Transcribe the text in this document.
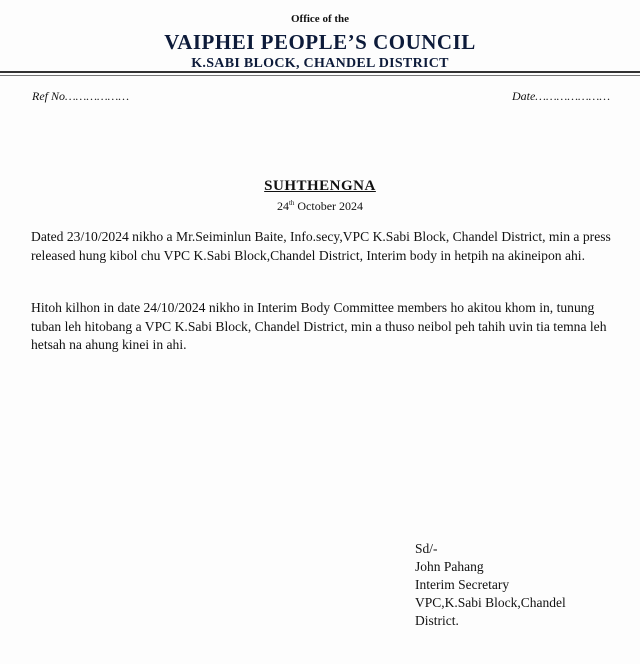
Office of the
VAIPHEI PEOPLE’S COUNCIL
K.SABI BLOCK, CHANDEL DISTRICT
Ref No………………	Date…………………
SUHTHENGNA
24th October 2024
Dated 23/10/2024 nikho a Mr.Seiminlun Baite, Info.secy,VPC K.Sabi Block, Chandel District, min a press released hung kibol chu VPC K.Sabi Block,Chandel District, Interim body in hetpih na akineipon ahi.
Hitoh kilhon in date 24/10/2024 nikho in Interim Body Committee members ho akitou khom in, tunung tuban leh hitobang a VPC K.Sabi Block, Chandel District, min a thuso neibol peh tahih uvin tia temna leh hetsah na ahung kinei in ahi.
Sd/-
John Pahang
Interim Secretary
VPC,K.Sabi Block,Chandel
District.
